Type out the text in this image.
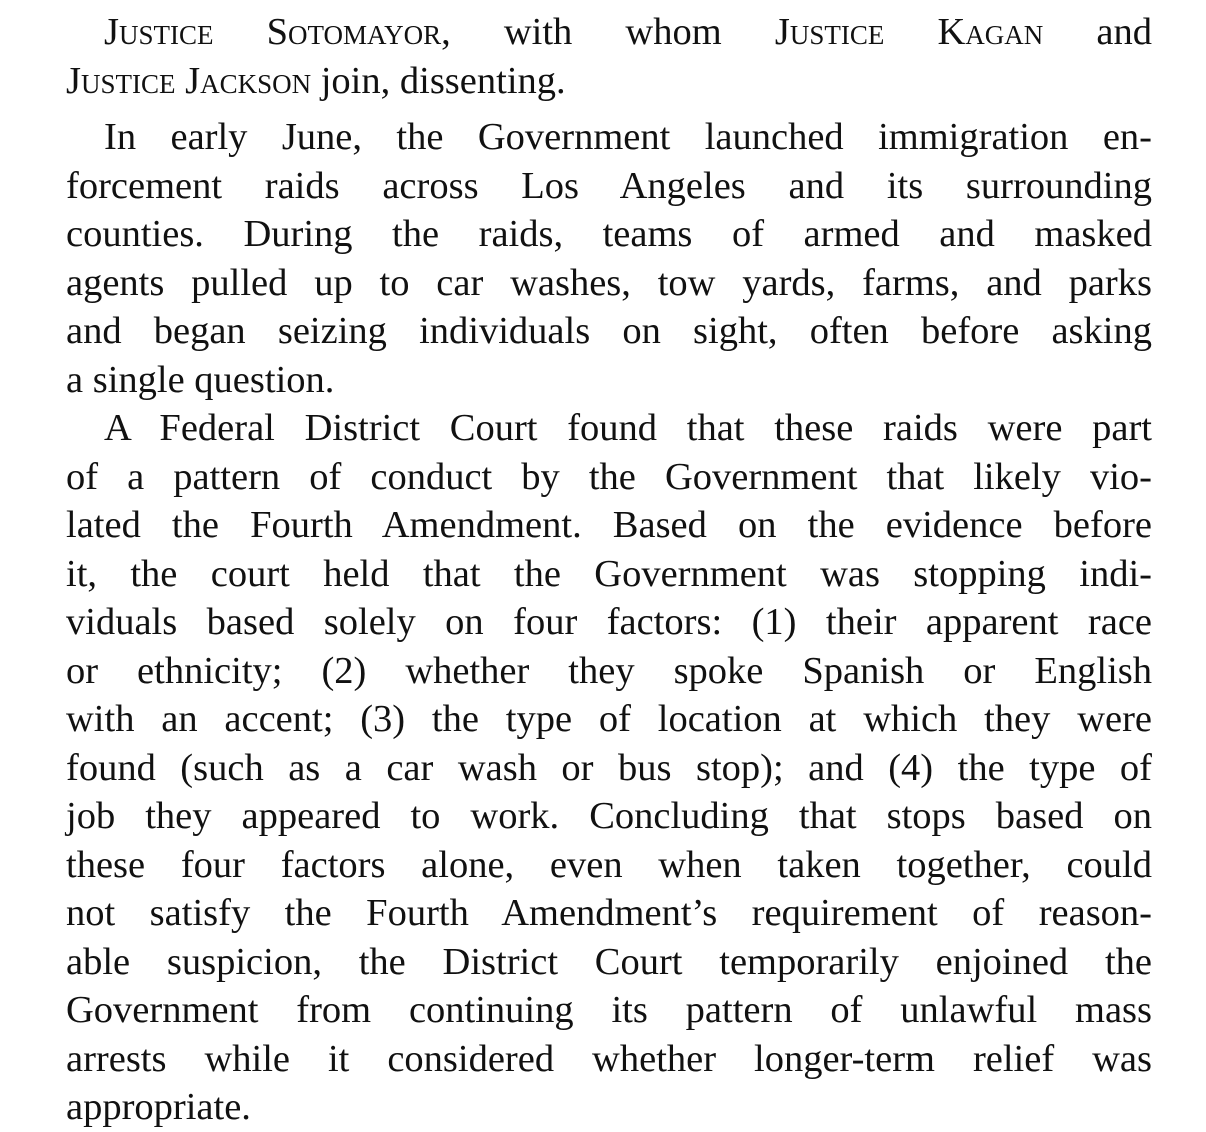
Justice Sotomayor, with whom Justice Kagan and
Justice Jackson join, dissenting.
In early June, the Government launched immigration en-
forcement raids across Los Angeles and its surrounding
counties. During the raids, teams of armed and masked
agents pulled up to car washes, tow yards, farms, and parks
and began seizing individuals on sight, often before asking
a single question.
A Federal District Court found that these raids were part
of a pattern of conduct by the Government that likely vio-
lated the Fourth Amendment. Based on the evidence before
it, the court held that the Government was stopping indi-
viduals based solely on four factors: (1) their apparent race
or ethnicity; (2) whether they spoke Spanish or English
with an accent; (3) the type of location at which they were
found (such as a car wash or bus stop); and (4) the type of
job they appeared to work. Concluding that stops based on
these four factors alone, even when taken together, could
not satisfy the Fourth Amendment’s requirement of reason-
able suspicion, the District Court temporarily enjoined the
Government from continuing its pattern of unlawful mass
arrests while it considered whether longer-term relief was
appropriate.
